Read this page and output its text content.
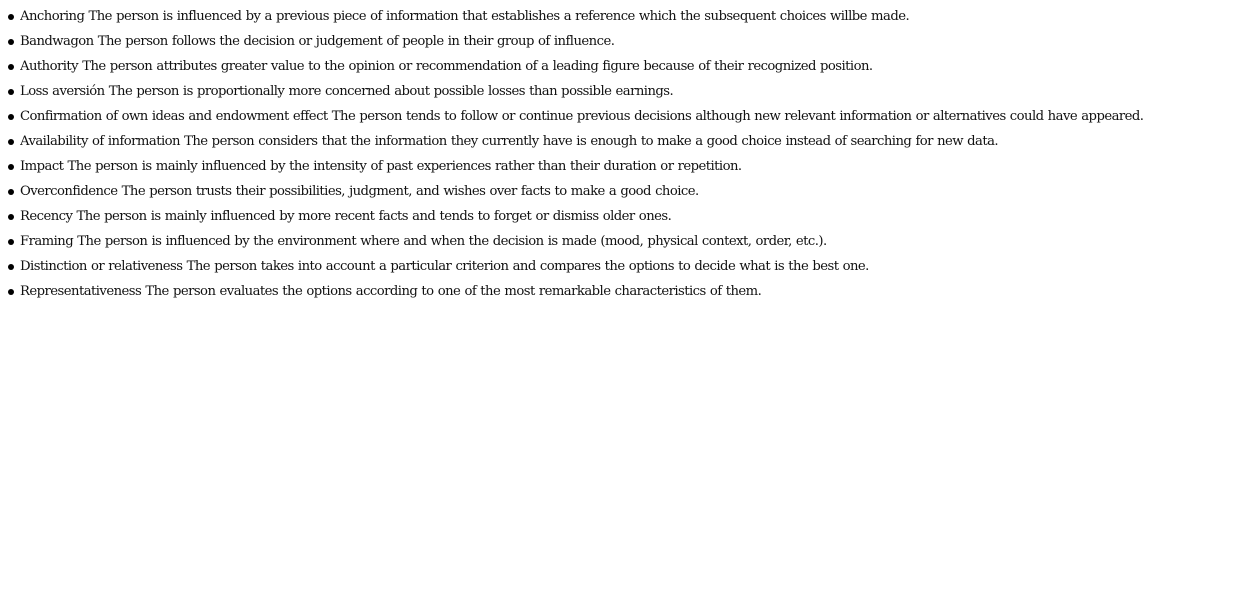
Anchoring The person is influenced by a previous piece of information that establishes a reference which the subsequent choices willbe made.
Bandwagon The person follows the decision or judgement of people in their group of influence.
Authority The person attributes greater value to the opinion or recommendation of a leading figure because of their recognized position.
Loss aversión The person is proportionally more concerned about possible losses than possible earnings.
Confirmation of own ideas and endowment effect The person tends to follow or continue previous decisions although new relevant information or alternatives could have appeared.
Availability of information The person considers that the information they currently have is enough to make a good choice instead of searching for new data.
Impact The person is mainly influenced by the intensity of past experiences rather than their duration or repetition.
Overconfidence The person trusts their possibilities, judgment, and wishes over facts to make a good choice.
Recency The person is mainly influenced by more recent facts and tends to forget or dismiss older ones.
Framing The person is influenced by the environment where and when the decision is made (mood, physical context, order, etc.).
Distinction or relativeness The person takes into account a particular criterion and compares the options to decide what is the best one.
Representativeness The person evaluates the options according to one of the most remarkable characteristics of them.
